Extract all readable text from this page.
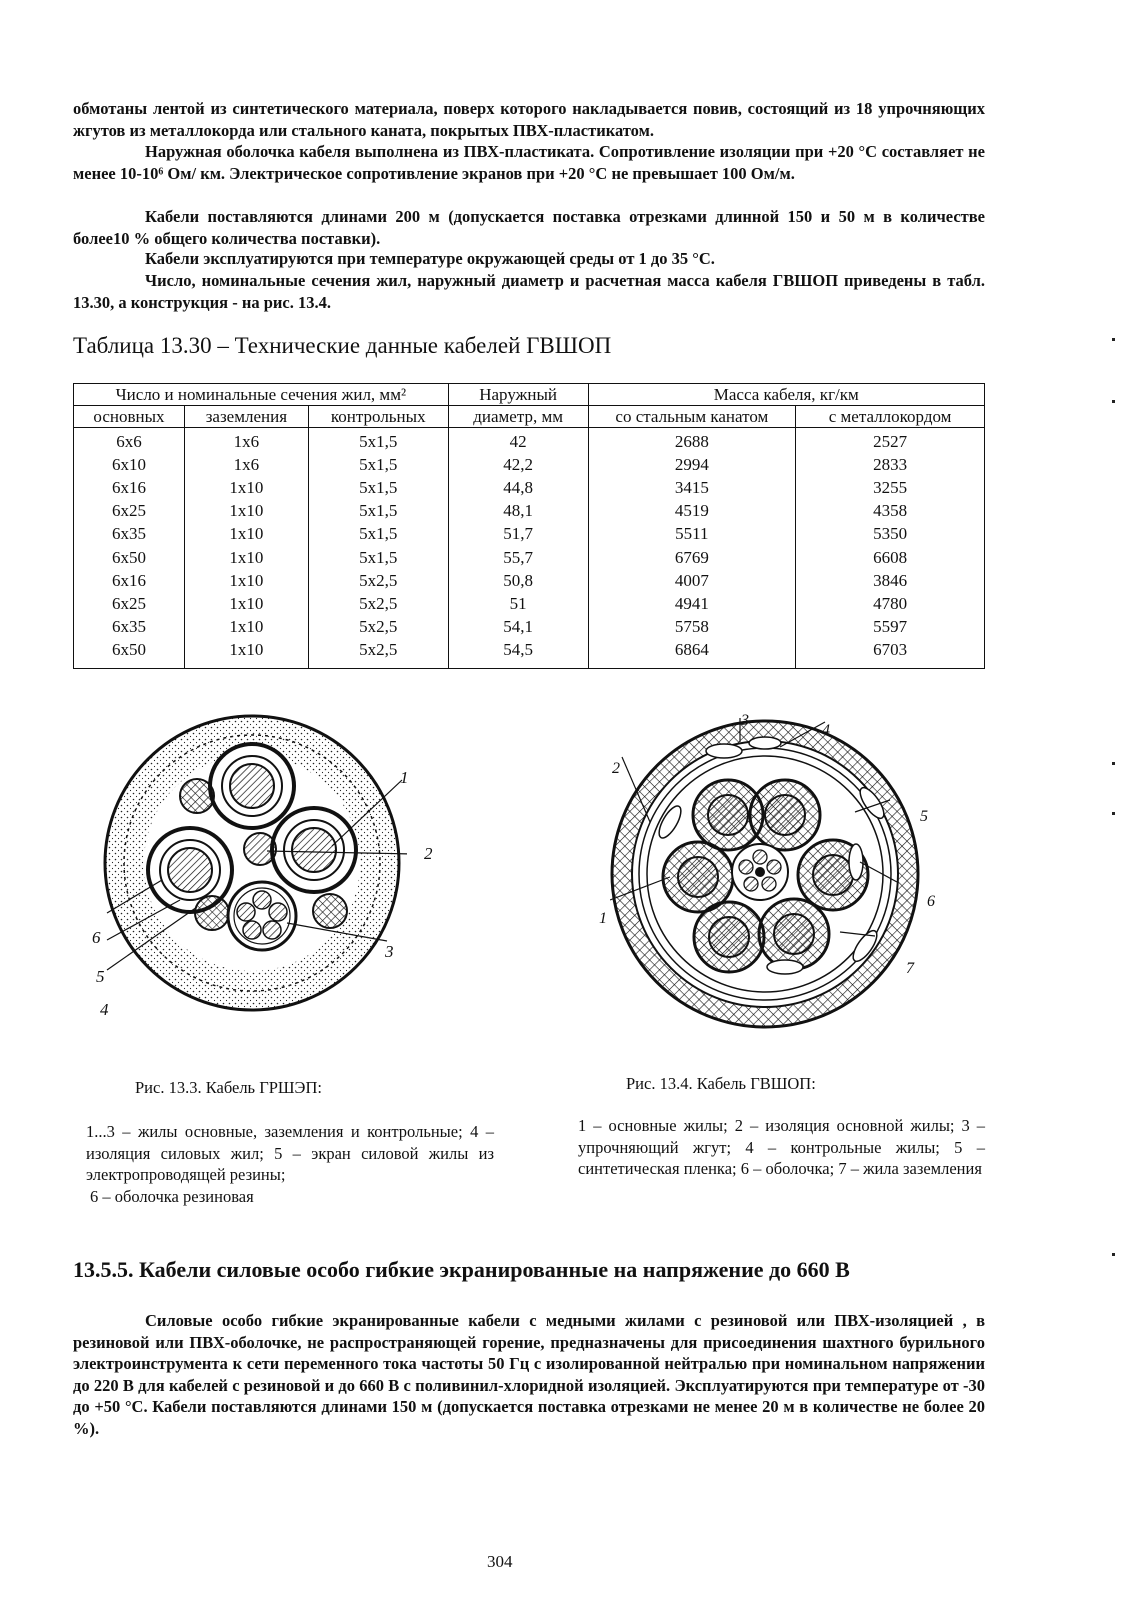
обмотаны лентой из синтетического материала, поверх которого накладывается повив, состоящий из 18 упрочняющих жгутов из металлокорда или стального каната, покрытых ПВХ-пластикатом.

Наружная оболочка кабеля выполнена из ПВХ-пластиката. Сопротивление изоляции при +20 °С составляет не менее 10-10⁶ Ом/ км. Электрическое сопротивление экранов при +20 °С не превышает 100 Ом/м.

Кабели поставляются длинами 200 м (допускается поставка отрезками длинной 150 и 50 м в количестве более10 % общего количества поставки).

Кабели эксплуатируются при температуре окружающей среды от 1 до 35 °С.

Число, номинальные сечения жил, наружный диаметр и расчетная масса кабеля ГВШОП приведены в табл. 13.30, а конструкция - на рис. 13.4.

Таблица 13.30 – Технические данные кабелей ГВШОП

Число и номинальные сечения жил, мм²			Наружный	Масса кабеля, кг/км	
основных	заземления	контрольных	диаметр, мм	со стальным канатом	с металлокордом
6x6	1x6	5x1,5	42	2688	2527
6x10	1x6	5x1,5	42,2	2994	2833
6x16	1x10	5x1,5	44,8	3415	3255
6x25	1x10	5x1,5	48,1	4519	4358
6x35	1x10	5x1,5	51,7	5511	5350
6x50	1x10	5x1,5	55,7	6769	6608
6x16	1x10	5x2,5	50,8	4007	3846
6x25	1x10	5x2,5	51	4941	4780
6x35	1x10	5x2,5	54,1	5758	5597
6x50	1x10	5x2,5	54,5	6864	6703
1
2
3
4
5
6
3
4
2
5
6
1
7

Рис. 13.3. Кабель ГРШЭП:	Рис. 13.4. Кабель ГВШОП:

1...3 – жилы основные, заземления и контрольные; 4 – изоляция силовых жил; 5 – экран силовой жилы из электропроводящей резины;
6 – оболочка резиновая

1 – основные жилы; 2 – изоляция основной жилы; 3 – упрочняющий жгут; 4 – контрольные жилы; 5 – синтетическая пленка; 6 – оболочка; 7 – жила заземления

13.5.5. Кабели силовые особо гибкие экранированные на напряжение до 660 В

Силовые особо гибкие экранированные кабели с медными жилами с резиновой или ПВХ-изоляцией , в резиновой или ПВХ-оболочке, не распространяющей горение, предназначены для присоединения шахтного бурильного электроинструмента к сети переменного тока частоты 50 Гц с изолированной нейтралью при номинальном напряжении до 220 В для кабелей с резиновой и до 660 В с поливинил-хлоридной изоляцией. Эксплуатируются при температуре от -30 до +50 °С. Кабели поставляются длинами 150 м (допускается поставка отрезками не менее 20 м в количестве не более 20 %).

304
